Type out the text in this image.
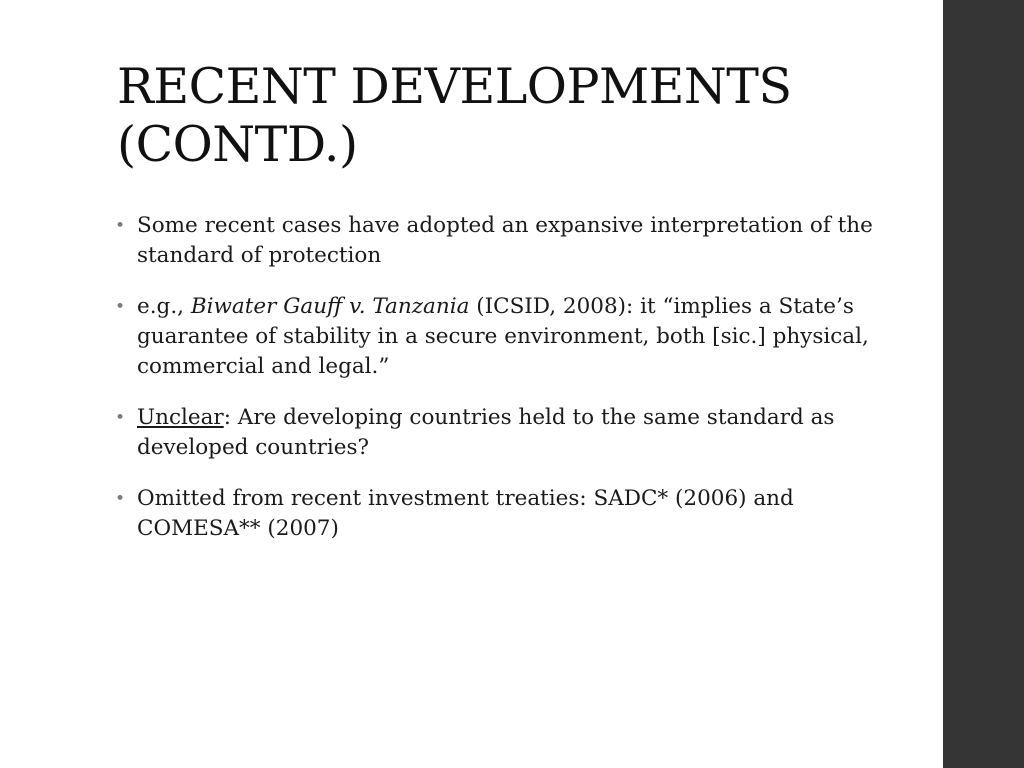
RECENT DEVELOPMENTS
(CONTD.)
• Some recent cases have adopted an expansive interpretation of the standard of protection
• e.g., Biwater Gauff v. Tanzania (ICSID, 2008): it “implies a State’s guarantee of stability in a secure environment, both [sic.] physical, commercial and legal.”
• Unclear: Are developing countries held to the same standard as developed countries?
• Omitted from recent investment treaties: SADC* (2006) and COMESA** (2007)
